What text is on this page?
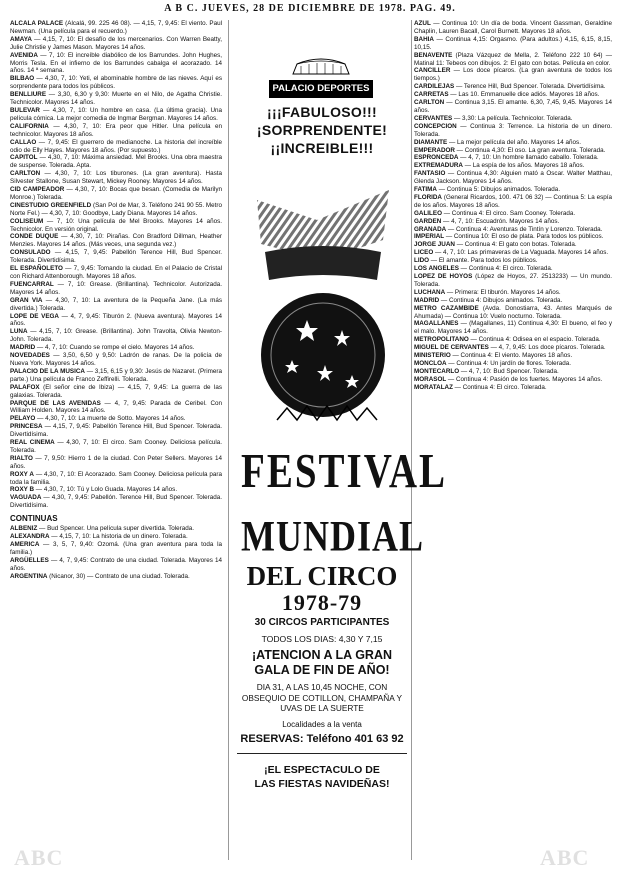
A B C. JUEVES, 28 DE DICIEMBRE DE 1978. PAG. 49.

ALCALA PALACE (Alcalá, 99. 225 46 08). — 4,15, 7, 9,45: El viento. Paul Newman. (Una película para el recuerdo.)

AMAYA — 4,15, 7, 10: El desafío de los mercenarios. Con Warren Beatty, Julie Christie y James Mason. Mayores 14 años.

AVENIDA — 7, 10: El increíble diabólico de los Barrundes. John Hughes, Morris Tesla. En el infierno de los Barrundes cabalga el acorazado. 14 años. 14 ª semana.

BILBAO — 4,30, 7, 10: Yeti, el abominable hombre de las nieves. Aquí es sorprendente para todos los públicos.

BENLLIURE — 3,30, 6,30 y 9,30: Muerte en el Nilo, de Agatha Christie. Technicolor. Mayores 14 años.

BULEVAR — 4,30, 7, 10: Un hombre en casa. (La última gracia). Una película cómica. La mejor comedia de Ingmar Bergman. Mayores 14 años.

CALIFORNIA — 4,30, 7, 10: Era peor que Hitler. Una película en technicolor. Mayores 18 años.

CALLAO — 7, 9,45: El guerrero de medianoche. La historia del increíble odio de Elly Hayes. Mayores 18 años. (Por supuesto.)

CAPITOL — 4,30, 7, 10: Máxima ansiedad. Mel Brooks. Una obra maestra de suspense. Tolerada. Apta.

CARLTON — 4,30, 7, 10: Los tiburones. (La gran aventura). Hasta Silvester Stallone, Susan Stewart, Mickey Rooney. Mayores 14 años.

CID CAMPEADOR — 4,30, 7, 10: Bocas que besan. (Comedia de Marilyn Monroe.) Tolerada.

CINESTUDIO GREENFIELD (San Pol de Mar, 3. Teléfono 241 90 55. Metro Norte Fel.) — 4,30, 7, 10: Goodbye, Lady Diana. Mayores 14 años.

COLISEUM — 7, 10: Una película de Mel Brooks. Mayores 14 años. Technicolor. En versión original.

CONDE DUQUE — 4,30, 7, 10: Pirañas. Con Bradford Dillman, Heather Menzies. Mayores 14 años. (Más veces, una segunda vez.)

CONSULADO — 4,15, 7, 9,45: Pabellón Terence Hill, Bud Spencer. Tolerada. Divertidísima.

EL ESPAÑOLETO — 7, 9,45: Tomando la ciudad. En el Palacio de Cristal con Richard Attenborough. Mayores 18 años.

FUENCARRAL — 7, 10: Grease. (Brillantina). Technicolor. Autorizada. Mayores 14 años.

GRAN VIA — 4,30, 7, 10: La aventura de la Pequeña Jane. (La más divertida.) Tolerada.

LOPE DE VEGA — 4, 7, 9,45: Tiburón 2. (Nueva aventura). Mayores 14 años.

LUNA — 4,15, 7, 10: Grease. (Brillantina). John Travolta, Olivia Newton-John. Tolerada.

MADRID — 4, 7, 10: Cuando se rompe el cielo. Mayores 14 años.

NOVEDADES — 3,50, 6,50 y 9,50: Ladrón de ranas. De la policía de Nueva York. Mayores 14 años.

PALACIO DE LA MUSICA — 3,15, 6,15 y 9,30: Jesús de Nazaret. (Primera parte.) Una película de Franco Zeffirelli. Tolerada.

PALAFOX (El señor cine de Ibiza) — 4,15, 7, 9,45: La guerra de las galaxias. Tolerada.

PARQUE DE LAS AVENIDAS — 4, 7, 9,45: Parada de Ceribel. Con William Holden. Mayores 14 años.

PELAYO — 4,30, 7, 10: La muerte de Sotto. Mayores 14 años.

PRINCESA — 4,15, 7, 9,45: Pabellón Terence Hill, Bud Spencer. Tolerada. Divertidísima.

REAL CINEMA — 4,30, 7, 10: El circo. Sam Cooney. Deliciosa película. Tolerada.

RIALTO — 7, 9,50: Hierro 1 de la ciudad. Con Peter Sellers. Mayores 14 años.

ROXY A — 4,30, 7, 10: El Acorazado. Sam Cooney. Deliciosa película para toda la familia.

ROXY B — 4,30, 7, 10: Tú y Lolo Guada. Mayores 14 años.

VAGUADA — 4,30, 7, 9,45: Pabellón. Terence Hill, Bud Spencer. Tolerada. Divertidísima.

CONTINUAS

ALBENIZ — Bud Spencer. Una película super divertida. Tolerada.

ALEXANDRA — 4,15, 7, 10: La historia de un dinero. Tolerada.

AMERICA — 3, 5, 7, 9,40: Ozomá. (Una gran aventura para toda la familia.)

ARGÜELLES — 4, 7, 9,45: Contrato de una ciudad. Tolerada. Mayores 14 años.

ARGENTINA (Nicanor, 30) — Contrato de una ciudad. Tolerada.

PALACIO DEPORTES
¡¡¡FABULOSO!!!
¡SORPRENDENTE!
¡¡INCREIBLE!!!
FESTIVAL
MUNDIAL
DEL CIRCO
1978-79
30 CIRCOS PARTICIPANTES
TODOS LOS DIAS: 4,30 Y 7,15
¡ATENCION A LA GRAN
GALA DE FIN DE AÑO!
DIA 31, A LAS 10,45 NOCHE, CON OBSEQUIO DE COTILLON, CHAMPAÑA Y UVAS DE LA SUERTE
Localidades a la venta
RESERVAS: Teléfono 401 63 92
¡EL ESPECTACULO DE
LAS FIESTAS NAVIDEÑAS!

AZUL — Continua 10: Un día de boda. Vincent Gassman, Geraldine Chaplin, Lauren Bacall, Carol Burnett. Mayores 18 años.

BAHIA — Continua 4,15: Orgasmo. (Para adultos.) 4,15, 6,15, 8,15, 10,15.

BENAVENTE (Plaza Vázquez de Mella, 2. Teléfono 222 10 64) — Matinal 11: Tebeos con dibujos. 2: El gato con botas. Película en color.

CANCILLER — Los doce pícaros. (La gran aventura de todos los tiempos.)

CARDILEJAS — Terence Hill, Bud Spencer. Tolerada. Divertidísima.

CARRETAS — Las 10. Emmanuelle dice adiós. Mayores 18 años.

CARLTON — Continua 3,15. El amante. 6,30, 7,45, 9,45. Mayores 14 años.

CERVANTES — 3,30: La película. Technicolor. Tolerada.

CONCEPCION — Continua 3: Terrence. La historia de un dinero. Tolerada.

DIAMANTE — La mejor película del año. Mayores 14 años.

EMPERADOR — Continua 4,30: El oso. La gran aventura. Tolerada.

ESPRONCEDA — 4, 7, 10: Un hombre llamado caballo. Tolerada.

EXTREMADURA — La espía de los años. Mayores 18 años.

FANTASIO — Continua 4,30: Alguien mató a Oscar. Walter Matthau, Glenda Jackson. Mayores 14 años.

FATIMA — Continua 5: Dibujos animados. Tolerada.

FLORIDA (General Ricardos, 100. 471 06 32) — Continua 5: La espía de los años. Mayores 18 años.

GALILEO — Continua 4: El circo. Sam Cooney. Tolerada.

GARDEN — 4, 7, 10: Escuadrón. Mayores 14 años.

GRANADA — Continua 4: Aventuras de Tintín y Lorenzo. Tolerada.

IMPERIAL — Continua 10: El oso de plata. Para todos los públicos.

JORGE JUAN — Continua 4: El gato con botas. Tolerada.

LICEO — 4, 7, 10: Las primaveras de La Vaguada. Mayores 14 años.

LIDO — El amante. Para todos los públicos.

LOS ANGELES — Continua 4: El circo. Tolerada.

LOPEZ DE HOYOS (López de Hoyos, 27. 2513233) — Un mundo. Tolerada.

LUCHANA — Primera: El tiburón. Mayores 14 años.

MADRID — Continua 4: Dibujos animados. Tolerada.

METRO CAZAMBIDE (Avda. Donostiarra, 43. Antes Marqués de Ahumada) — Continua 10: Vuelo nocturno. Tolerada.

MAGALLANES — (Magallanes, 11) Continua 4,30: El bueno, el feo y el malo. Mayores 14 años.

METROPOLITANO — Continua 4: Odisea en el espacio. Tolerada.

MIGUEL DE CERVANTES — 4, 7, 9,45: Los doce pícaros. Tolerada.

MINISTERIO — Continua 4: El viento. Mayores 18 años.

MONCLOA — Continua 4: Un jardín de flores. Tolerada.

MONTECARLO — 4, 7, 10: Bud Spencer. Tolerada.

MORASOL — Continua 4: Pasión de los fuertes. Mayores 14 años.

MORATALAZ — Continua 4: El circo. Tolerada.

ABC	ABC
